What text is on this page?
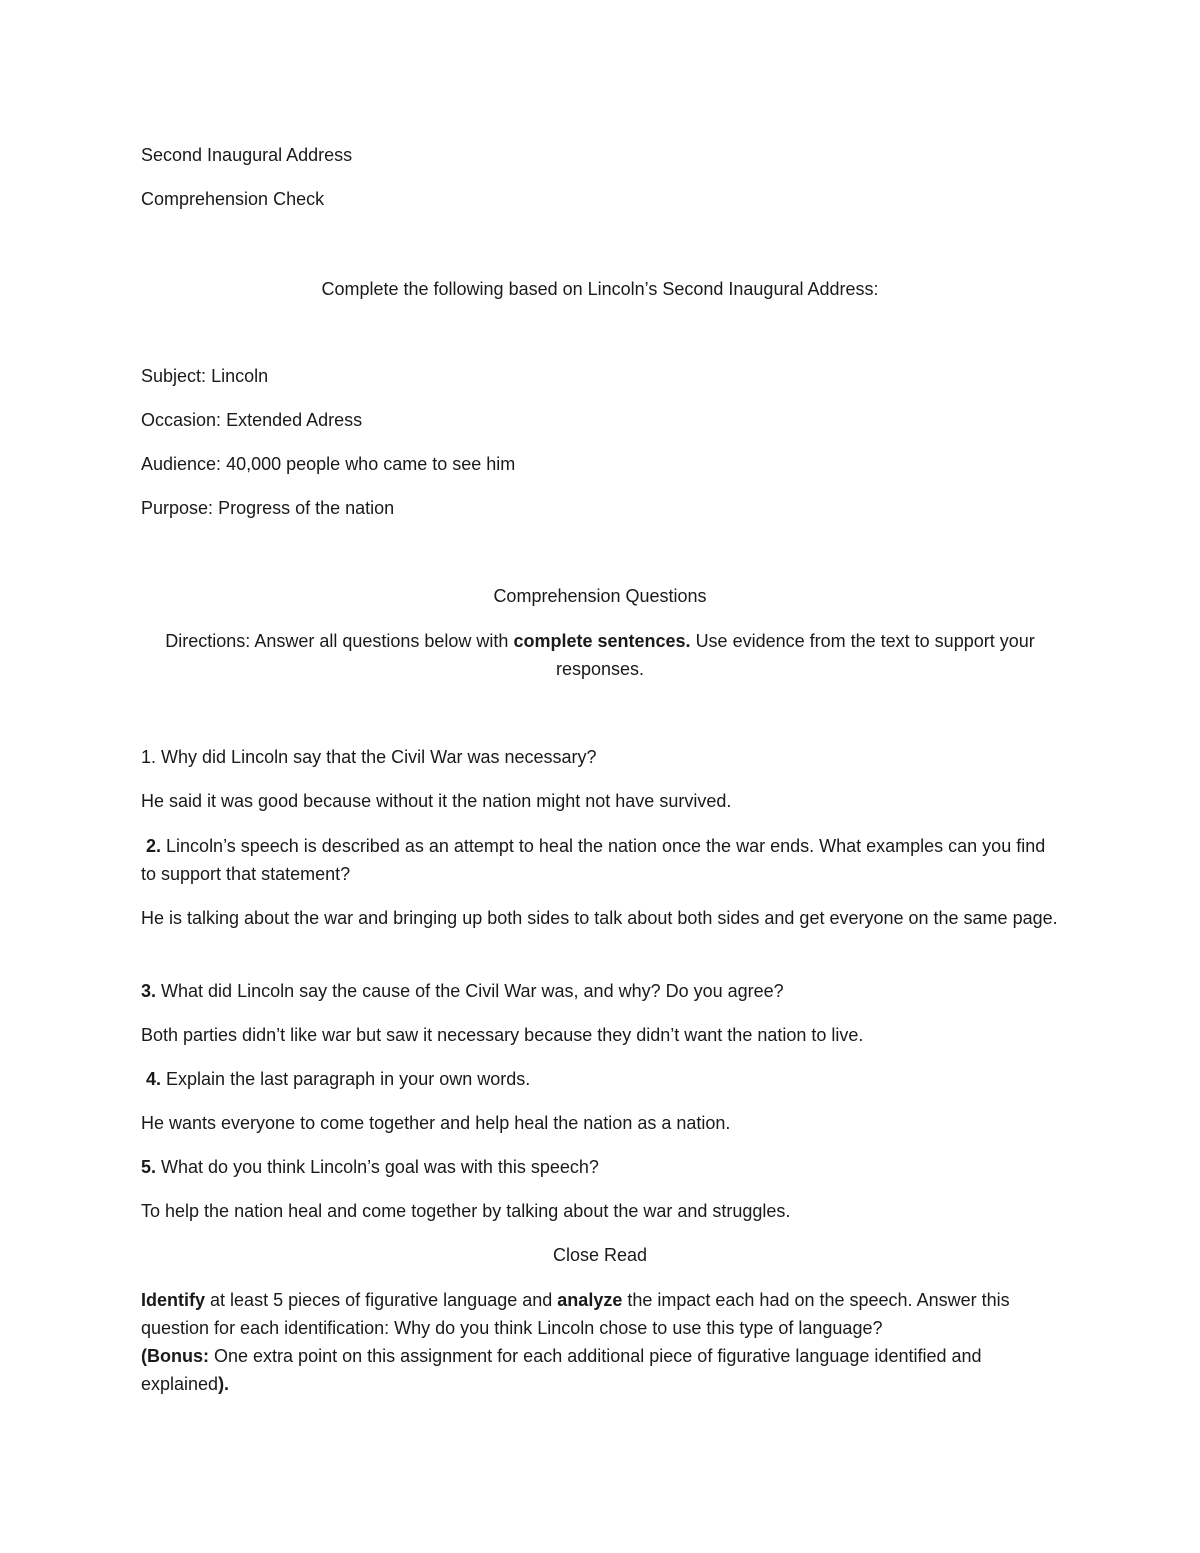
Second Inaugural Address
Comprehension Check
Complete the following based on Lincoln’s Second Inaugural Address:
Subject: Lincoln
Occasion: Extended Adress
Audience: 40,000 people who came to see him
Purpose: Progress of the nation
Comprehension Questions
Directions: Answer all questions below with complete sentences. Use evidence from the text to support your responses.
1. Why did Lincoln say that the Civil War was necessary?
He said it was good because without it the nation might not have survived.
2. Lincoln’s speech is described as an attempt to heal the nation once the war ends. What examples can you find to support that statement?
He is talking about the war and bringing up both sides to talk about both sides and get everyone on the same page.
3. What did Lincoln say the cause of the Civil War was, and why? Do you agree?
Both parties didn’t like war but saw it necessary because they didn’t want the nation to live.
4. Explain the last paragraph in your own words.
He wants everyone to come together and help heal the nation as a nation.
5. What do you think Lincoln’s goal was with this speech?
To help the nation heal and come together by talking about the war and struggles.
Close Read
Identify at least 5 pieces of figurative language and analyze the impact each had on the speech. Answer this question for each identification: Why do you think Lincoln chose to use this type of language?
(Bonus: One extra point on this assignment for each additional piece of figurative language identified and explained).
